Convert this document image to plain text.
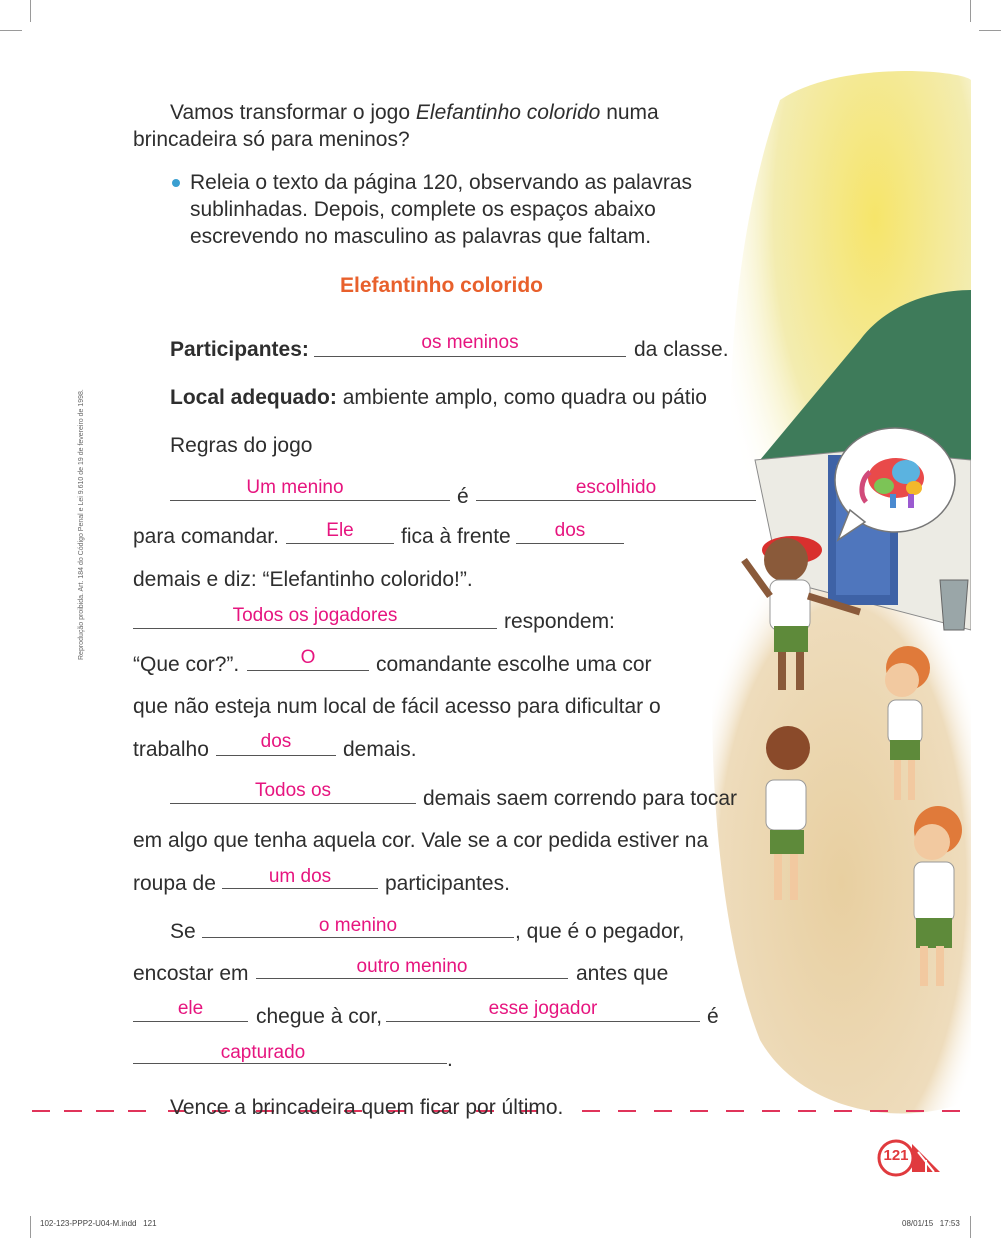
Reprodução proibida. Art. 184 do Código Penal e Lei 9.610 de 19 de fevereiro de 1998.
Vamos transformar o jogo Elefantinho colorido numa
brincadeira só para meninos?
Releia o texto da página 120, observando as palavras
sublinhadas. Depois, complete os espaços abaixo
escrevendo no masculino as palavras que faltam.
Elefantinho colorido
Participantes:	os meninos	da classe.
Local adequado: ambiente amplo, como quadra ou pátio
Regras do jogo
Um menino	é	escolhido
para comandar.	Ele	fica à frente	dos
demais e diz: “Elefantinho colorido!”.
Todos os jogadores	respondem:
“Que cor?”.	O	comandante escolhe uma cor
que não esteja num local de fácil acesso para dificultar o
trabalho	dos	demais.
Todos os	demais saem correndo para tocar
em algo que tenha aquela cor. Vale se a cor pedida estiver na
roupa de	um dos	participantes.
Se	o menino	, que é o pegador,
encostar em	outro menino	antes que
ele	chegue à cor,	esse jogador	é
capturado	.
Vence a brincadeira quem ficar por último.
121
102-123-PPP2-U04-M.indd   121	08/01/15   17:53
